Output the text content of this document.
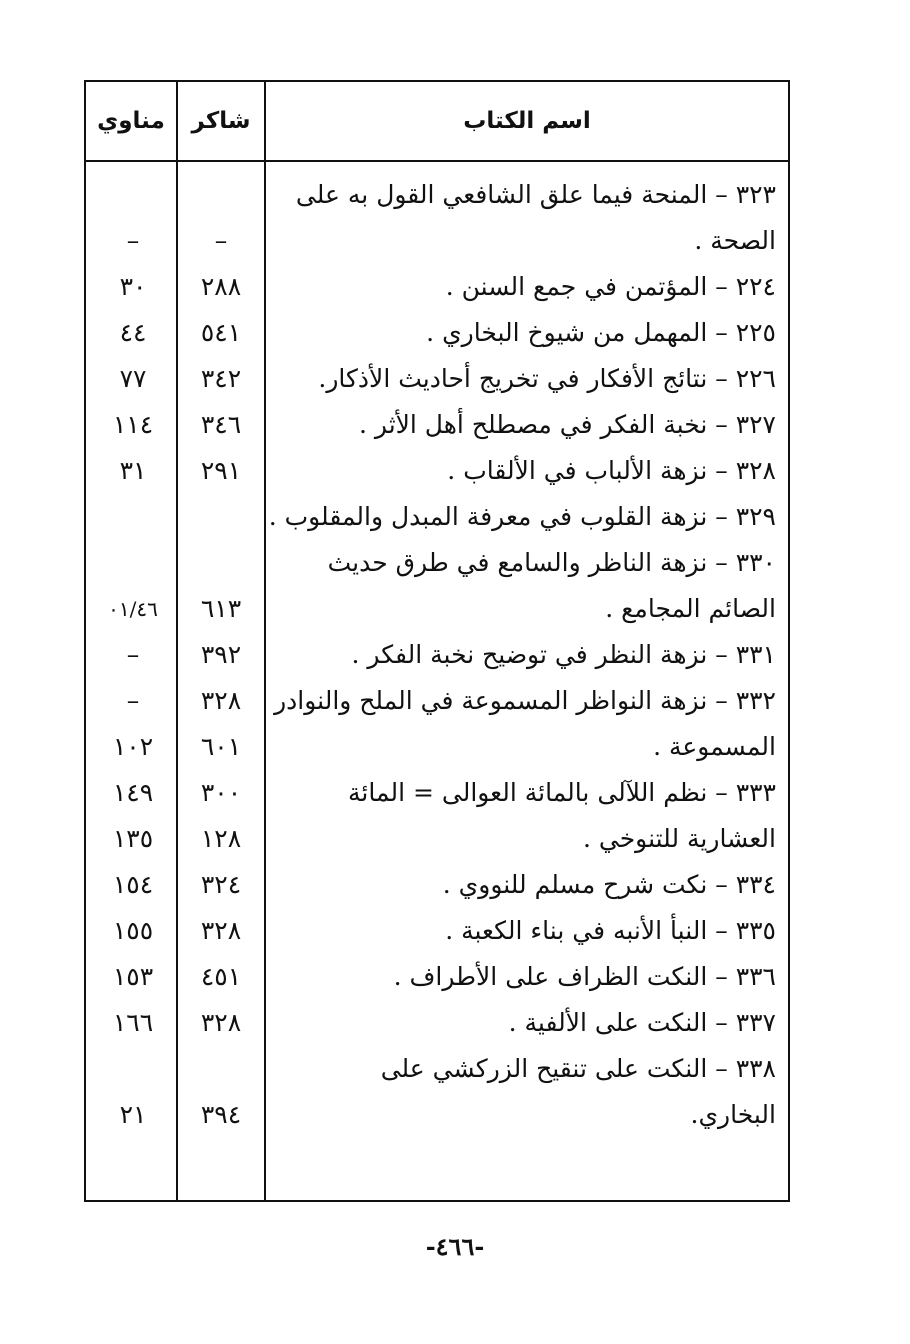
اسم الكتاب
شاكر
مناوي
٣٢٣ – المنحة فيما علق الشافعي القول به على
الصحة .
–
–
٢٢٤ – المؤتمن في جمع السنن .
٢٨٨
٣٠
٢٢٥ – المهمل من شيوخ البخاري .
٥٤١
٤٤
٢٢٦ – نتائج الأفكار في تخريج أحاديث الأذكار.
٣٤٢
٧٧
٣٢٧ – نخبة الفكر في مصطلح أهل الأثر .
٣٤٦
١١٤
٣٢٨ – نزهة الألباب في الألقاب .
٢٩١
٣١
٣٢٩ – نزهة القلوب في معرفة المبدل والمقلوب .
٣٣٠ – نزهة الناظر والسامع في طرق حديث
الصائم المجامع .
٦١٣
٠١/٤٦
٣٣١ – نزهة النظر في توضيح نخبة الفكر .
٣٩٢
–
٣٣٢ – نزهة النواظر المسموعة في الملح والنوادر
٣٢٨
–
المسموعة .
٦٠١
١٠٢
٣٣٣ – نظم اللآلى بالمائة العوالى = المائة
٣٠٠
١٤٩
العشارية للتنوخي .
١٢٨
١٣٥
٣٣٤ – نكت شرح مسلم للنووي .
٣٢٤
١٥٤
٣٣٥ – النبأ الأنبه في بناء الكعبة .
٣٢٨
١٥٥
٣٣٦ – النكت الظراف على الأطراف .
٤٥١
١٥٣
٣٣٧ – النكت على الألفية .
٣٢٨
١٦٦
٣٣٨ – النكت على تنقيح الزركشي على
البخاري.
٣٩٤
٢١
-٤٦٦-
